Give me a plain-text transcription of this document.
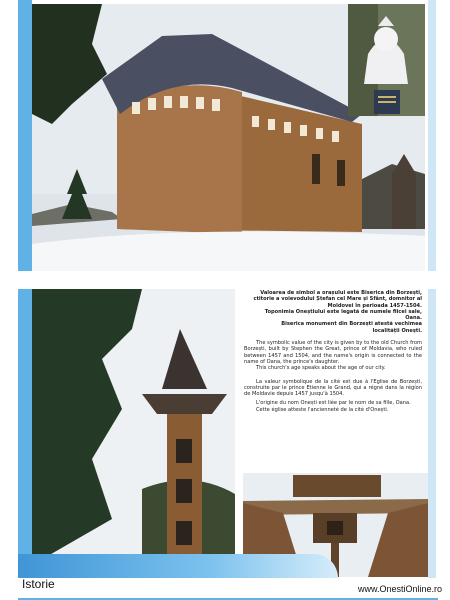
Valoarea de simbol a orașului este Biserica din Borzești, ctitorie a voievodului Ștefan cel Mare și Sfânt, domnitor al Moldovei în perioada 1457-1504.

Toponimia Oneștiului este legată de numele fiicei sale, Oana.

Biserica monument din Borzești atestă vechimea localității Onești.

The symbolic value of the city is given by to the old Church from Borzești, built by Stephen the Great, prince of Moldavia, who ruled between 1457 and 1504, and the name's origin is connected to the name of Oana, the prince's daughter.

This church's age speaks about the age of our city.

La valeur symbolique de la cité est due à l'Eglise de Borzești, construite par le prince Etienne le Grand, qui a régné dans la région de Moldavie depuis 1457 jusqu'à 1504.

L'origine du nom Onești est liée par le nom de sa fille, Oana.

Cette église atteste l'ancienneté de la cité d'Onești.

Istorie	www.OnestiOnline.ro
